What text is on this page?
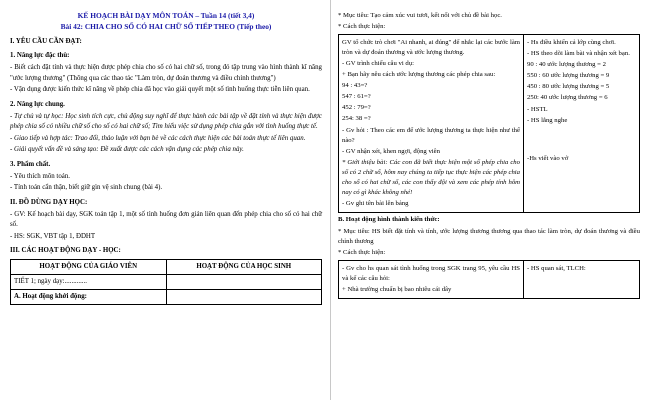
KẾ HOẠCH BÀI DẠY MÔN TOÁN – Tuần 14 (tiết 3,4)
Bài 42: CHIA CHO SỐ CÓ HAI CHỮ SỐ TIẾP THEO (Tiếp theo)
I. YÊU CẦU CẦN ĐẠT:
1. Năng lực đặc thù:
- Biết cách đặt tính và thực hiện được phép chia cho số có hai chữ số, trong đó tập trung vào hình thành kĩ năng "ước lượng thương" (Thông qua các thao tác "Làm tròn, dự đoán thương và điều chỉnh thương")
- Vận dụng được kiến thức kĩ năng về phép chia đã học vào giải quyết một số tình huống thực tiễn liên quan.
2. Năng lực chung.
- Tự chủ và tự học: Học sinh tích cực, chủ động suy nghĩ để thực hành các bài tập về đặt tính và thực hiện được phép chia số có nhiều chữ số cho số có hai chữ số; Tìm hiểu việc sử dụng phép chia gắn với tình huống thực tế.
- Giao tiếp và hợp tác: Trao đổi, thảo luận với bạn bè về các cách thực hiện các bài toán thực tế liên quan.
- Giải quyết vấn đề và sáng tạo: Đề xuất được các cách vận dụng các phép chia này.
3. Phẩm chất.
- Yêu thích môn toán.
- Tính toán cẩn thận, biết giữ gìn vệ sinh chung (bài 4).
II. ĐỒ DÙNG DẠY HỌC:
- GV: Kế hoạch bài dạy, SGK toán tập 1, một số tình huống đơn giản liên quan đến phép chia cho số có hai chữ số.
- HS: SGK, VBT tập 1, ĐDHT
III. CÁC HOẠT ĐỘNG DẠY - HỌC:
HOẠT ĐỘNG CỦA GIÁO VIÊN	HOẠT ĐỘNG CỦA HỌC SINH
TIẾT 1; ngày dạy:.............	
A. Hoạt động khởi động:	
* Mục tiêu: Tạo cảm xúc vui tươi, kết nối với chủ đề bài học.
* Cách thực hiện:
GV tổ chức trò chơi "Ai nhanh, ai đúng" để nhắc lại các bước làm tròn và dự đoán thương và ước lượng thương.
- GV trình chiếu câu vi dụ:
+ Bạn hãy nêu cách ước lượng thương các phép chia sau:
94 : 43=?
547 : 61=?
452 : 79=?
254: 38 =?
- Gv hỏi : Theo các em để ước lượng thương ta thực hiện như thế nào?
- GV nhận xét, khen ngợi, động viên
* Giới thiệu bài: Các con đã biết thực hiện một số phép chia cho số có 2 chữ số, hôm nay chúng ta tiếp tục thực hiện các phép chia cho số có hai chữ số, các con thấy đội và xem các phép tính hôm nay có gì khác không nhé!
- Gv ghi tên bài lên bảng

- Hs điều khiển cả lớp cùng chơi.
- HS theo dõi làm bài và nhận xét bạn.
90 : 40 ước lượng thương = 2
550 : 60 ước lượng thương = 9
450 : 80 ước lượng thương = 5
250: 40 ước lượng thương = 6
- HSTL
- HS lắng nghe
-Hs viết vào vở
B. Hoạt động hình thành kiến thức:
* Mục tiêu: HS biết đặt tính và tính, ước lượng thương thương qua thao tác làm tròn, dự đoán thương và điều chỉnh thương
* Cách thực hiện:
- Gv cho hs quan sát tình huống trong SGK trang 95, yêu cầu HS và kể các câu hỏi:
+ Nhà trường chuẩn bị bao nhiêu cái dây

- HS quan sát, TLCH:
